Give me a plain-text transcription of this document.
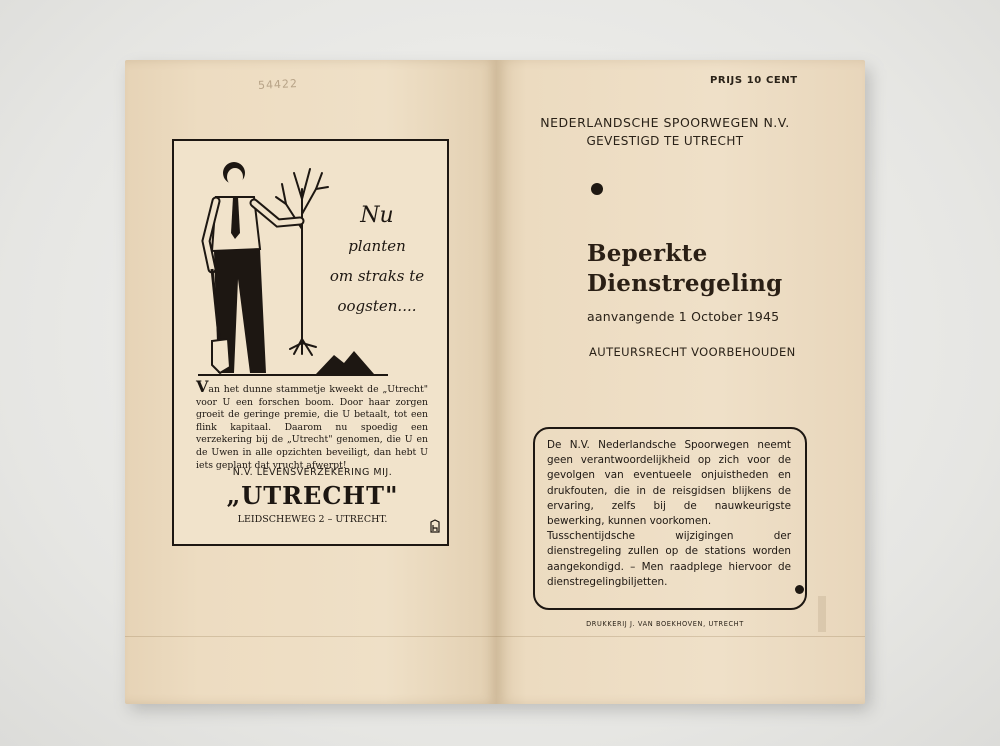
54422
Nu
planten
om straks te
oogsten....
Van het dunne stammetje kweekt de „Utrecht" voor U een forschen boom. Door haar zorgen groeit de geringe premie, die U betaalt, tot een flink kapitaal. Daarom nu spoedig een verzekering bij de „Utrecht" genomen, die U en de Uwen in alle opzichten beveiligt, dan hebt U iets geplant dat vrucht afwerpt!
N.V. LEVENSVERZEKERING MIJ.
„UTRECHT"
LEIDSCHEWEG 2 – UTRECHT.
PRIJS 10 CENT
NEDERLANDSCHE SPOORWEGEN N.V.
GEVESTIGD TE UTRECHT
Beperkte
Dienstregeling
aanvangende 1 October 1945
AUTEURSRECHT VOORBEHOUDEN

De N.V. Nederlandsche Spoorwegen neemt geen verantwoordelijkheid op zich voor de gevolgen van eventueele onjuistheden en drukfouten, die in de reisgidsen blijkens de ervaring, zelfs bij de nauwkeurigste bewerking, kunnen voorkomen.

Tusschentijdsche wijzigingen der dienstregeling zullen op de stations worden aangekondigd. – Men raadplege hiervoor de dienstregelingbiljetten.

DRUKKERIJ J. VAN BOEKHOVEN, UTRECHT
